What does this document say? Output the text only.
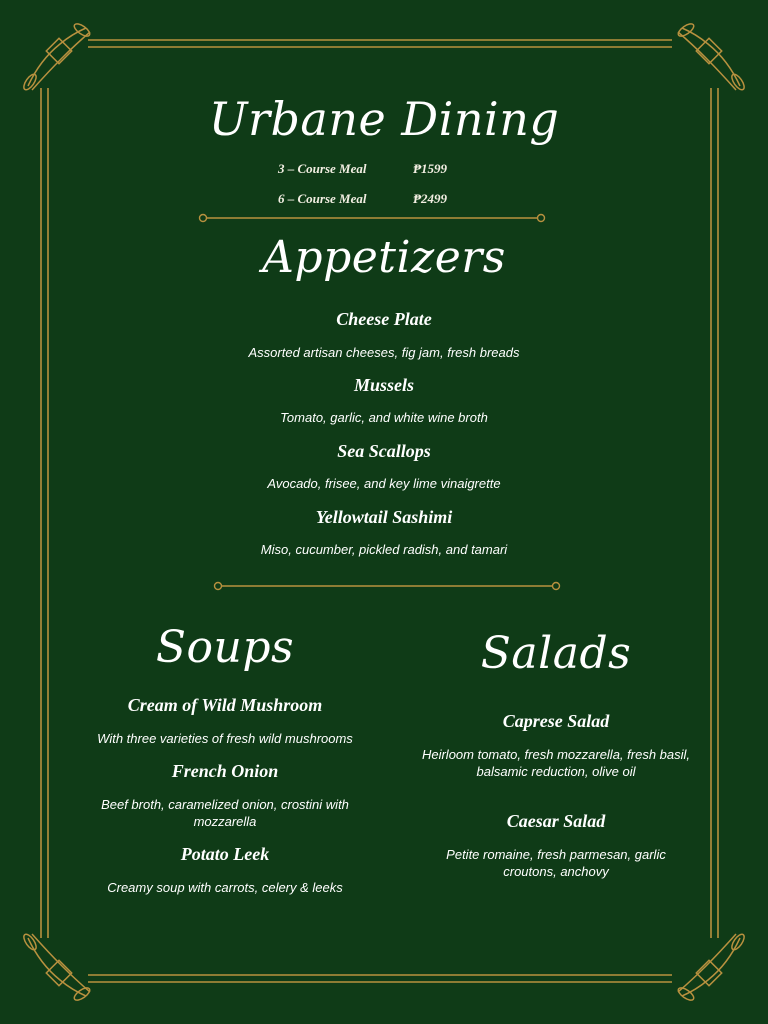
Urbane Dining
3 – Course Meal	₱1599
6 – Course Meal	₱2499
Appetizers
Cheese Plate
Assorted artisan cheeses, fig jam, fresh breads
Mussels
Tomato, garlic, and white wine broth
Sea Scallops
Avocado, frisee, and key lime vinaigrette
Yellowtail Sashimi
Miso, cucumber, pickled radish, and tamari
Soups
Cream of Wild Mushroom
With three varieties of fresh wild mushrooms
French Onion
Beef broth, caramelized onion, crostini with mozzarella
Potato Leek
Creamy soup with carrots, celery & leeks
Salads
Caprese Salad
Heirloom tomato, fresh mozzarella, fresh basil, balsamic reduction, olive oil
Caesar Salad
Petite romaine, fresh parmesan, garlic croutons, anchovy
